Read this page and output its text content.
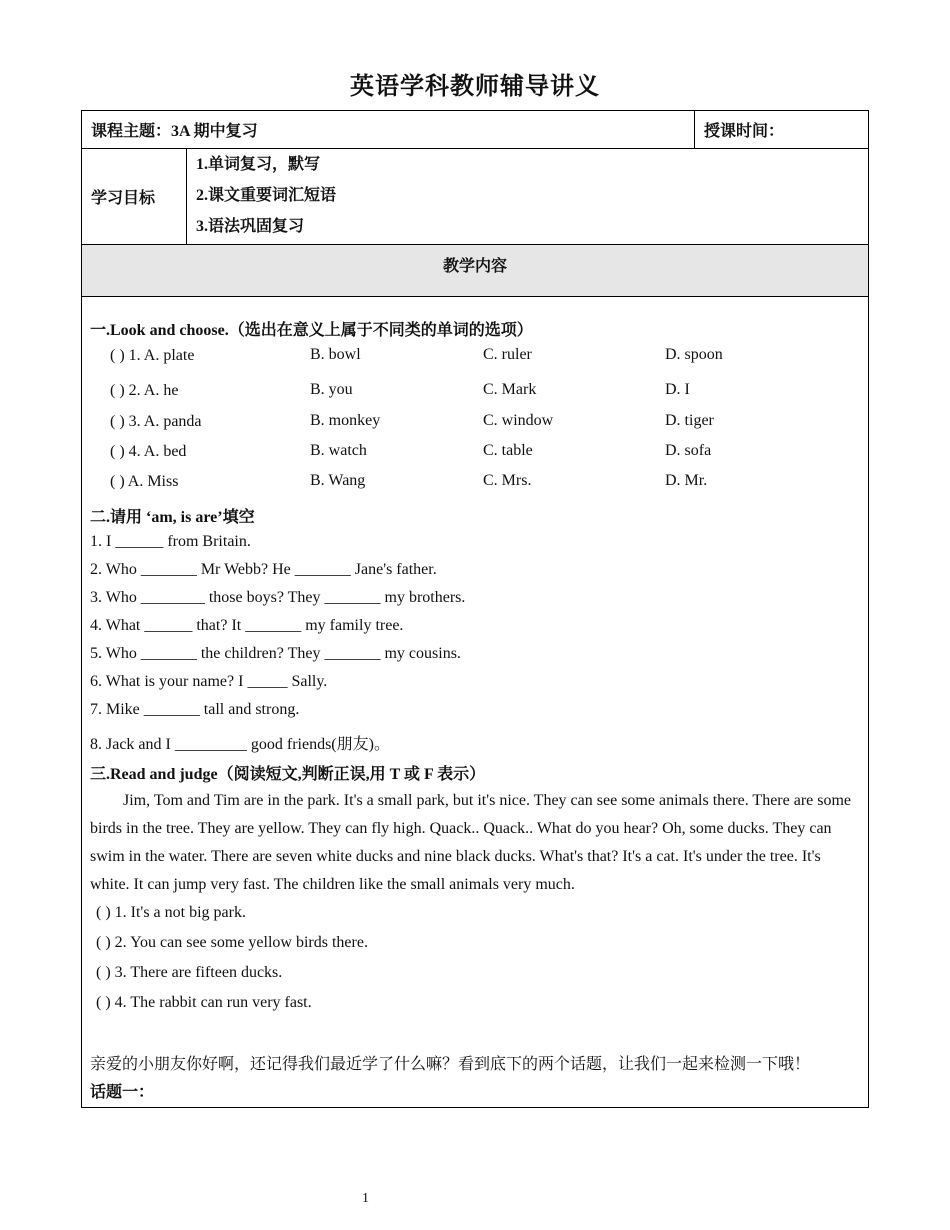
英语学科教师辅导讲义
课程主题：3A 期中复习		授课时间：
学习目标	1.单词复习，默写
2.课文重要词汇短语
3.语法巩固复习	

教学内容		
一.Look and choose.（选出在意义上属于不同类的单词的选项）
( ) 1. A. plate	B. bowl	C. ruler	D. spoon
( ) 2. A. he	B. you	C. Mark	D. I
( ) 3. A. panda	B. monkey	C. window	D. tiger
( ) 4. A. bed	B. watch	C. table	D. sofa
( ) A. Miss	B. Wang	C. Mrs.	D. Mr.
二.请用 ‘am, is are’填空
1. I ______ from Britain.
2. Who _______ Mr Webb? He _______ Jane's father.
3. Who ________ those boys? They _______ my brothers.
4. What ______ that? It _______ my family tree.
5. Who _______ the children? They _______ my cousins.
6. What is your name? I _____ Sally.
7. Mike _______ tall and strong.
8. Jack and I _________ good friends(朋友)。
三.Read and judge（阅读短文,判断正误,用 T 或 F 表示）
Jim, Tom and Tim are in the park. It's a small park, but it's nice. They can see some animals there. There are some birds in the tree. They are yellow. They can fly high. Quack.. Quack.. What do you hear? Oh, some ducks. They can swim in the water. There are seven white ducks and nine black ducks. What's that? It's a cat. It's under the tree. It's white. It can jump very fast. The children like the small animals very much.
( ) 1. It's a not big park.
( ) 2. You can see some yellow birds there.
( ) 3. There are fifteen ducks.
( ) 4. The rabbit can run very fast.
亲爱的小朋友你好啊，还记得我们最近学了什么嘛？看到底下的两个话题，让我们一起来检测一下哦！
话题一：
1
